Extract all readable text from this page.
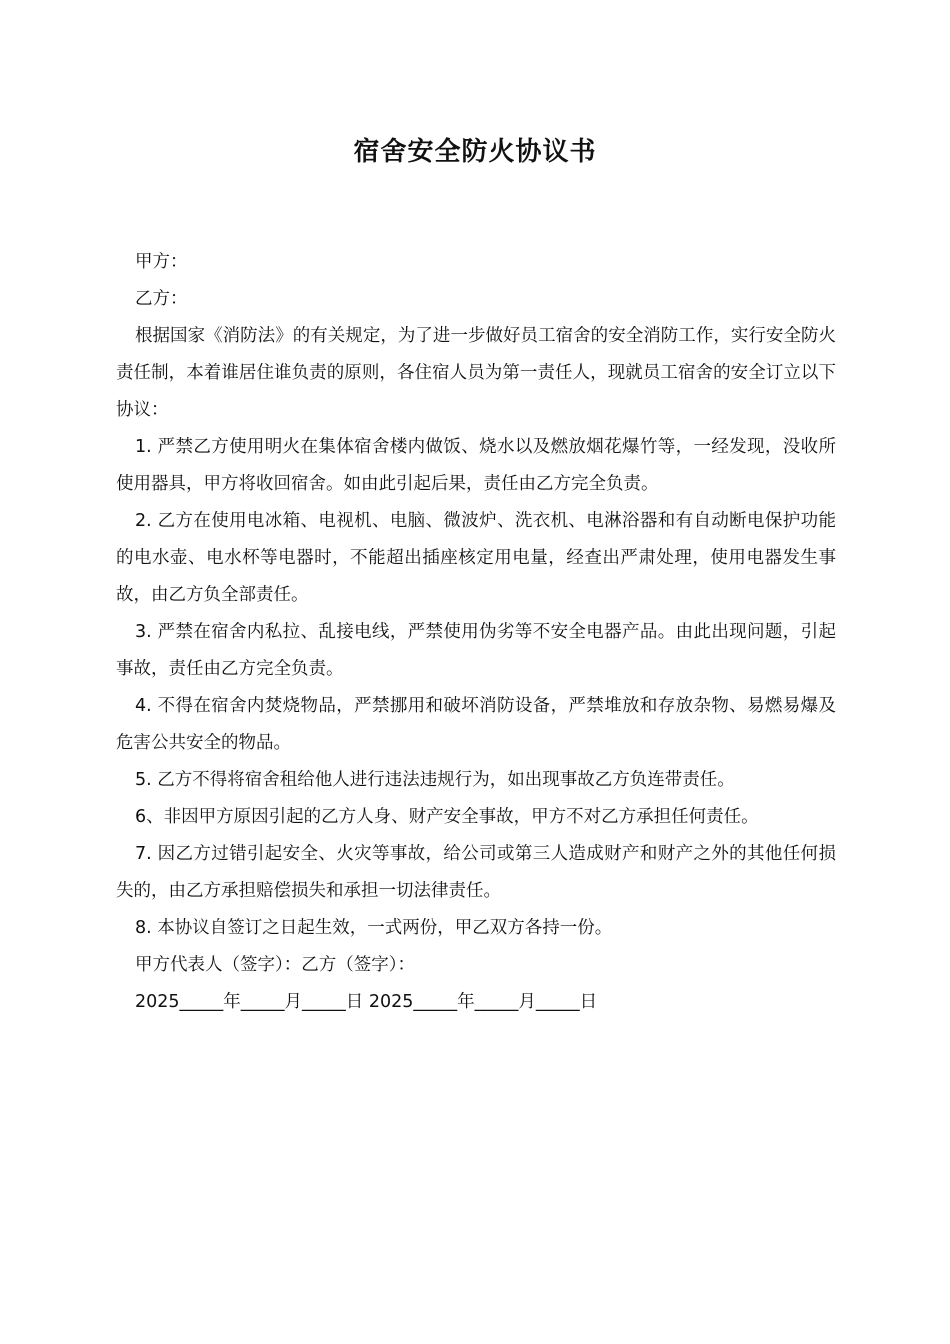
宿舍安全防火协议书

甲方：

乙方：

根据国家《消防法》的有关规定，为了进一步做好员工宿舍的安全消防工作，实行安全防火责任制，本着谁居住谁负责的原则，各住宿人员为第一责任人，现就员工宿舍的安全订立以下协议：

1. 严禁乙方使用明火在集体宿舍楼内做饭、烧水以及燃放烟花爆竹等，一经发现，没收所使用器具，甲方将收回宿舍。如由此引起后果，责任由乙方完全负责。

2. 乙方在使用电冰箱、电视机、电脑、微波炉、洗衣机、电淋浴器和有自动断电保护功能的电水壶、电水杯等电器时，不能超出插座核定用电量，经查出严肃处理，使用电器发生事故，由乙方负全部责任。

3. 严禁在宿舍内私拉、乱接电线，严禁使用伪劣等不安全电器产品。由此出现问题，引起事故，责任由乙方完全负责。

4. 不得在宿舍内焚烧物品，严禁挪用和破坏消防设备，严禁堆放和存放杂物、易燃易爆及危害公共安全的物品。

5. 乙方不得将宿舍租给他人进行违法违规行为，如出现事故乙方负连带责任。

6、非因甲方原因引起的乙方人身、财产安全事故，甲方不对乙方承担任何责任。

7. 因乙方过错引起安全、火灾等事故，给公司或第三人造成财产和财产之外的其他任何损失的，由乙方承担赔偿损失和承担一切法律责任。

8. 本协议自签订之日起生效，一式两份，甲乙双方各持一份。

甲方代表人（签字）：乙方（签字）：

2025_____年_____月_____日 2025_____年_____月_____日
